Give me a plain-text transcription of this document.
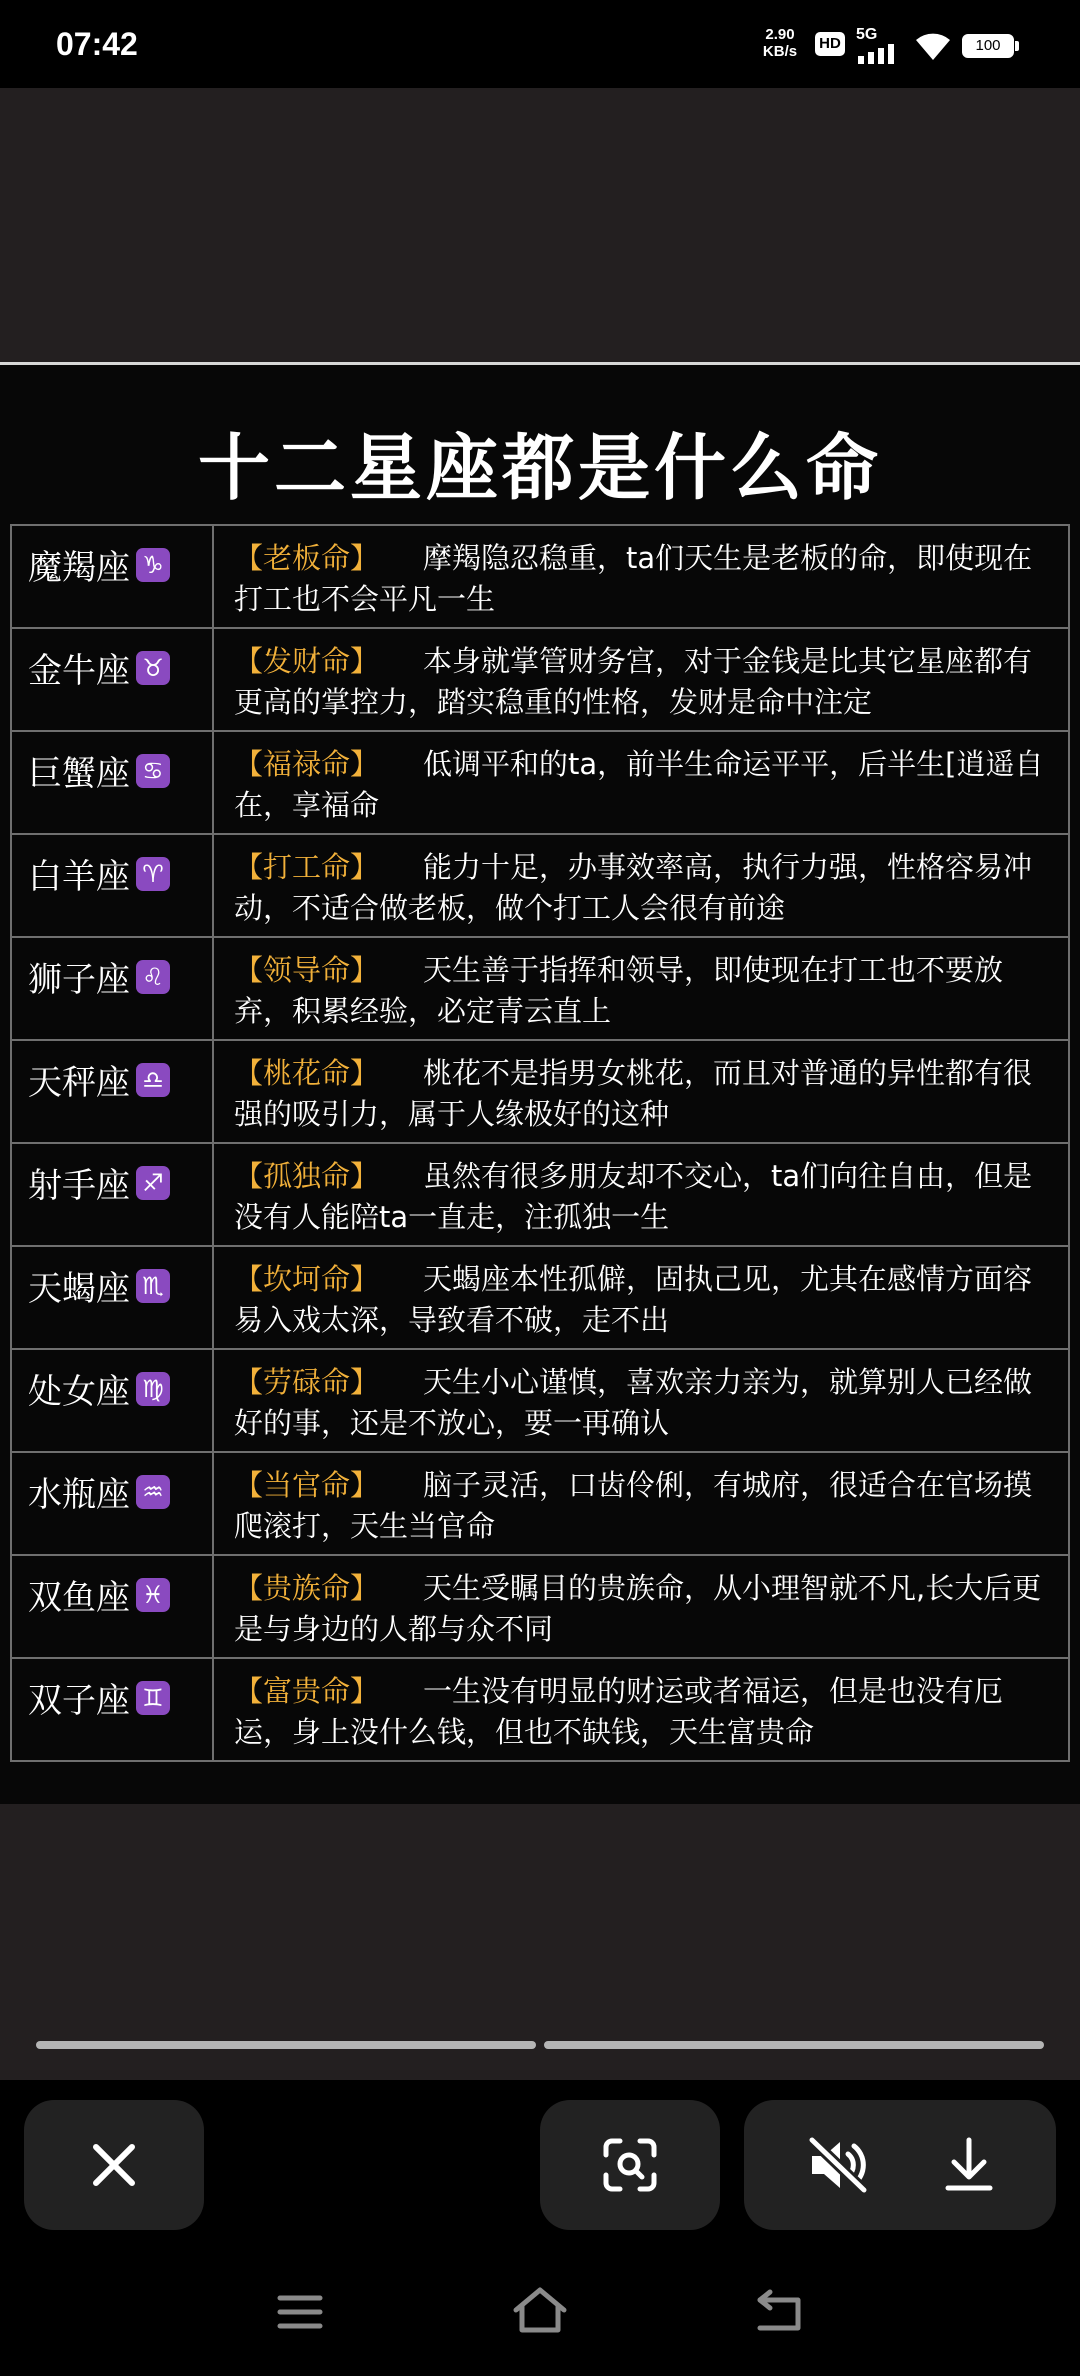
07:42	2.90
KB/s	HD
5G
100
十二星座都是什么命
魔羯座 ♑	【老板命】 摩羯隐忍稳重，ta们天生是老板的命，即使现在打工也不会平凡一生

金牛座 ♉	【发财命】 本身就掌管财务宫，对于金钱是比其它星座都有更高的掌控力，踏实稳重的性格，发财是命中注定

巨蟹座 ♋	【福禄命】 低调平和的ta，前半生命运平平，后半生[逍遥自在，享福命

白羊座 ♈	【打工命】 能力十足，办事效率高，执行力强，性格容易冲动，不适合做老板，做个打工人会很有前途

狮子座 ♌	【领导命】 天生善于指挥和领导，即使现在打工也不要放弃，积累经验，必定青云直上

天秤座 ♎	【桃花命】 桃花不是指男女桃花，而且对普通的异性都有很强的吸引力，属于人缘极好的这种

射手座 ♐	【孤独命】 虽然有很多朋友却不交心，ta们向往自由，但是没有人能陪ta一直走，注孤独一生

天蝎座 ♏	【坎坷命】 天蝎座本性孤僻，固执己见，尤其在感情方面容易入戏太深，导致看不破，走不出

处女座 ♍	【劳碌命】 天生小心谨慎，喜欢亲力亲为，就算别人已经做好的事，还是不放心，要一再确认

水瓶座 ♒	【当官命】 脑子灵活，口齿伶俐，有城府，很适合在官场摸爬滚打，天生当官命

双鱼座 ♓	【贵族命】 天生受瞩目的贵族命，从小理智就不凡,长大后更是与身边的人都与众不同

双子座 ♊	【富贵命】 一生没有明显的财运或者福运，但是也没有厄运，身上没什么钱，但也不缺钱，天生富贵命
